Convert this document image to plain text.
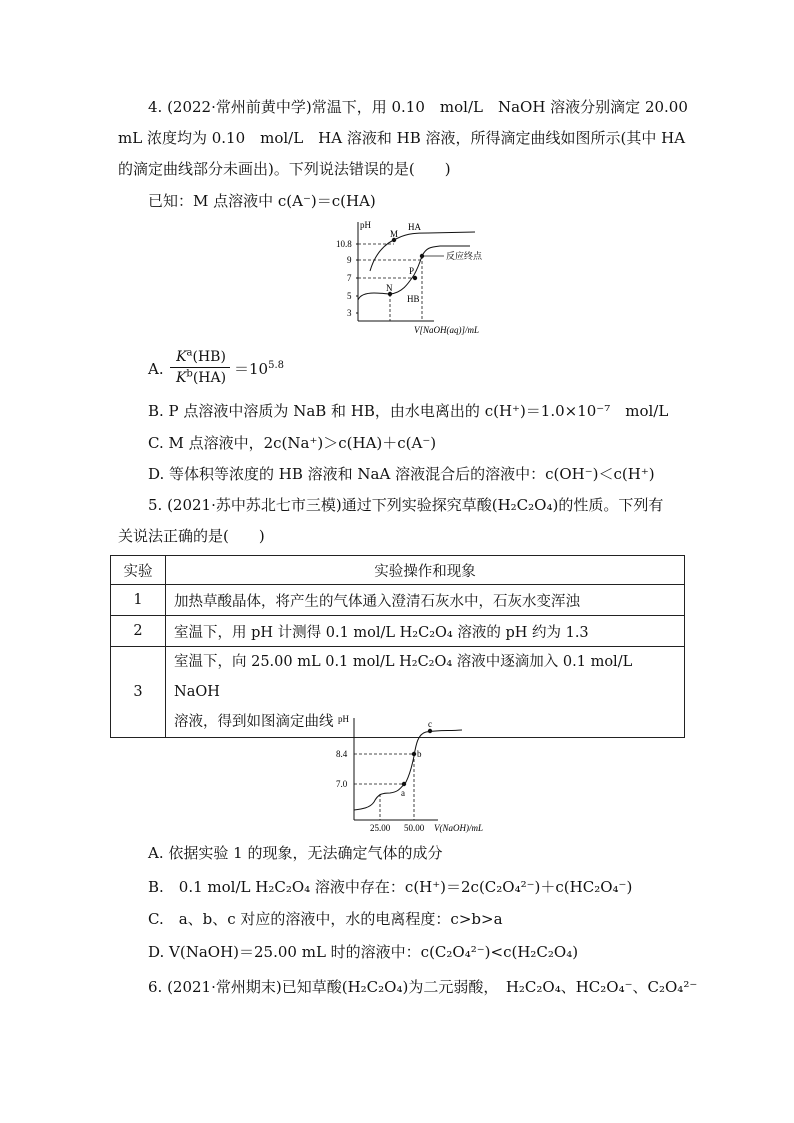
4. (2022·常州前黄中学)常温下，用 0.10　mol/L　NaOH 溶液分别滴定 20.00
mL 浓度均为 0.10　mol/L　HA 溶液和 HB 溶液，所得滴定曲线如图所示(其中 HA
的滴定曲线部分未画出)。下列说法错误的是(　　)
已知：M 点溶液中 c(A⁻)＝c(HA)
pH
10.8
9
7
5
3
HA
M
N
P
HB
反应终点
V[NaOH(aq)]/mL
A.
$K^a(HB)$
$K^b(HA) =10^{5.8}$
B. P 点溶液中溶质为 NaB 和 HB，由水电离出的 c(H⁺)＝1.0×10⁻⁷　mol/L
C. M 点溶液中，2c(Na⁺)＞c(HA)＋c(A⁻)
D. 等体积等浓度的 HB 溶液和 NaA 溶液混合后的溶液中：c(OH⁻)＜c(H⁺)
5. (2021·苏中苏北七市三模)通过下列实验探究草酸(H₂C₂O₄)的性质。下列有
关说法正确的是(　　)
实验	实验操作和现象
1	加热草酸晶体，将产生的气体通入澄清石灰水中，石灰水变浑浊
2	室温下，用 pH 计测得 0.1 mol/L H₂C₂O₄ 溶液的 pH 约为 1.3
3	室温下，向 25.00 mL 0.1 mol/L H₂C₂O₄ 溶液中逐滴加入 0.1 mol/L NaOH
溶液，得到如图滴定曲线 pH
8.4
7.0
a
b
c
25.00 50.00 V(NaOH)/mL
A. 依据实验 1 的现象，无法确定气体的成分
B.　0.1 mol/L H₂C₂O₄ 溶液中存在：c(H⁺)＝2c(C₂O₄²⁻)＋c(HC₂O₄⁻)
C.　a、b、c 对应的溶液中，水的电离程度：c>b>a
D. V(NaOH)＝25.00 mL 时的溶液中：c(C₂O₄²⁻)<c(H₂C₂O₄)
6. (2021·常州期末)已知草酸(H₂C₂O₄)为二元弱酸，　H₂C₂O₄、HC₂O₄⁻、C₂O₄²⁻
